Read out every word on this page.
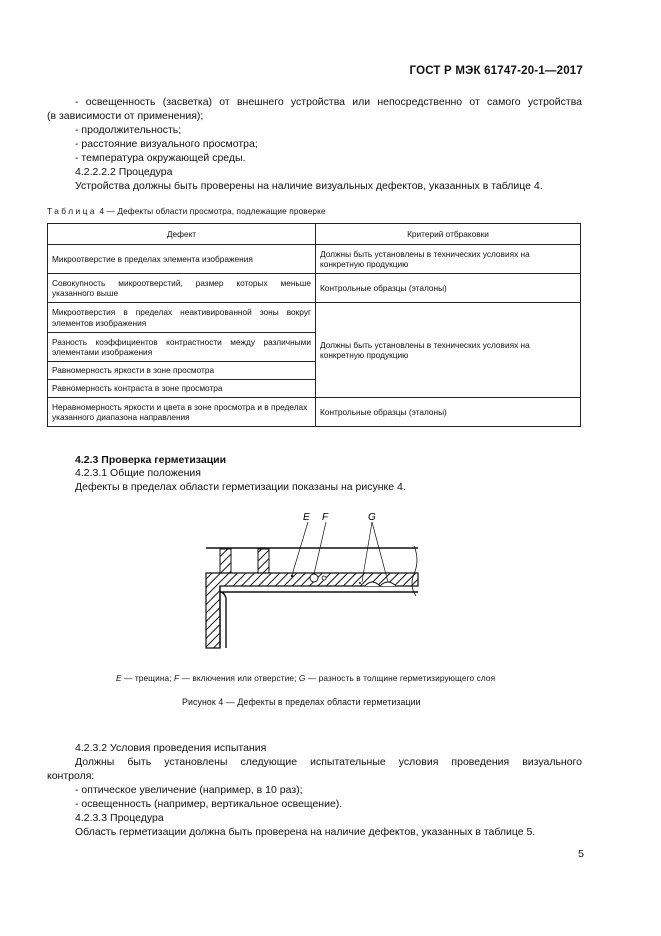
ГОСТ Р МЭК 61747-20-1—2017
- освещенность (засветка) от внешнего устройства или непосредственно от самого устройства
(в зависимости от применения);
- продолжительность;
- расстояние визуального просмотра;
- температура окружающей среды.
4.2.2.2.2 Процедура
Устройства должны быть проверены на наличие визуальных дефектов, указанных в таблице 4.
Таблица 4 — Дефекты области просмотра, подлежащие проверке
Дефект	Критерий отбраковки
Микроотверстие в пределах элемента изображения	Должны быть установлены в технических условиях на конкретную продукцию
Совокупность микроотверстий, размер которых меньше указанного выше	Контрольные образцы (эталоны)
Микроотверстия в пределах неактивированной зоны вокруг элементов изображения	Должны быть установлены в технических условиях на конкретную продукцию
Разность коэффициентов контрастности между различными элементами изображения	
Равномерность яркости в зоне просмотра	
Равномерность контраста в зоне просмотра	
Неравномерность яркости и цвета в зоне просмотра и в пределах указанного диапазона направления	Контрольные образцы (эталоны)
4.2.3 Проверка герметизации
4.2.3.1 Общие положения
Дефекты в пределах области герметизации показаны на рисунке 4.
E F	G
E — трещина; F — включения или отверстие; G — разность в толщине герметизирующего слоя
Рисунок 4 — Дефекты в пределах области герметизации
4.2.3.2 Условия проведения испытания
Должны быть установлены следующие испытательные условия проведения визуального
контроля:
- оптическое увеличение (например, в 10 раз);
- освещенность (например, вертикальное освещение).
4.2.3.3 Процедура
Область герметизации должна быть проверена на наличие дефектов, указанных в таблице 5.
5
